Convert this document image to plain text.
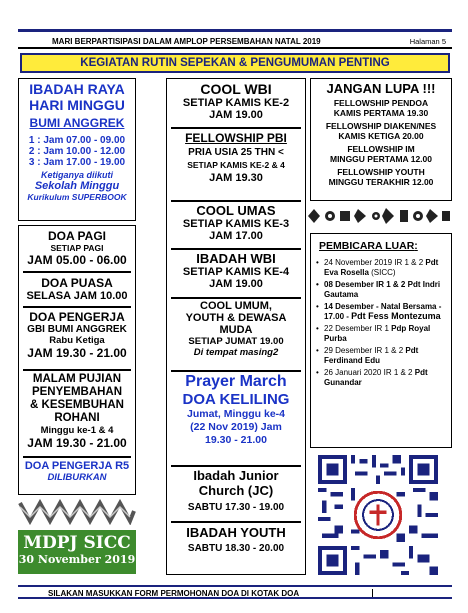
MARI BERPARTISIPASI DALAM AMPLOP PERSEMBAHAN NATAL 2019	Halaman 5
KEGIATAN RUTIN SEPEKAN & PENGUMUMAN PENTING
IBADAH RAYA
HARI MINGGU
BUMI ANGGREK
1 : Jam 07.00 - 09.00
2 : Jam 10.00 - 12.00
3 : Jam 17.00 - 19.00
Ketiganya diikuti
Sekolah Minggu
Kurikulum SUPERBOOK
DOA PAGI
SETIAP PAGI
JAM 05.00 - 06.00
DOA PUASA
SELASA JAM 10.00
DOA PENGERJA
GBI BUMI ANGGREK
Rabu Ketiga
JAM 19.30 - 21.00
MALAM PUJIAN
PENYEMBAHAN
& KESEMBUHAN
ROHANI
Minggu ke-1 & 4
JAM 19.30 - 21.00
DOA PENGERJA R5
DILIBURKAN
MDPJ SICC
30 November 2019
COOL WBI
SETIAP KAMIS KE-2
JAM 19.00
FELLOWSHIP PBI
PRIA USIA 25 THN <
SETIAP KAMIS KE-2 & 4
JAM 19.30
COOL UMAS
SETIAP KAMIS KE-3
JAM 17.00
IBADAH WBI
SETIAP KAMIS KE-4
JAM 19.00
COOL UMUM,
YOUTH & DEWASA
MUDA
SETIAP JUMAT 19.00
Di tempat masing2
Prayer March
DOA KELILING
Jumat, Minggu ke-4
(22 Nov 2019) Jam
19.30 - 21.00
Ibadah Junior
Church (JC)
SABTU 17.30 - 19.00
IBADAH YOUTH
SABTU 18.30 - 20.00
JANGAN LUPA !!!
FELLOWSHIP PENDOA
KAMIS PERTAMA 19.30
FELLOWSHIP DIAKEN/NES
KAMIS KETIGA 20.00
FELLOWSHIP IM
MINGGU PERTAMA 12.00
FELLOWSHIP YOUTH
MINGGU TERAKHIR 12.00
PEMBICARA LUAR:
• 24 November 2019 IR 1 & 2 Pdt Eva Rosella (SICC)
• 08 Desember IR 1 & 2 Pdt Indri Gautama
• 14 Desember - Natal Bersama - 17.00 - Pdt Fess Montezuma
• 22 Desember IR 1 Pdp Royal Purba
• 29 Desember IR 1 & 2 Pdt Ferdinand Edu
• 26 Januari 2020 IR 1 & 2 Pdt Gunandar
SILAKAN MASUKKAN FORM PERMOHONAN DOA DI KOTAK DOA
